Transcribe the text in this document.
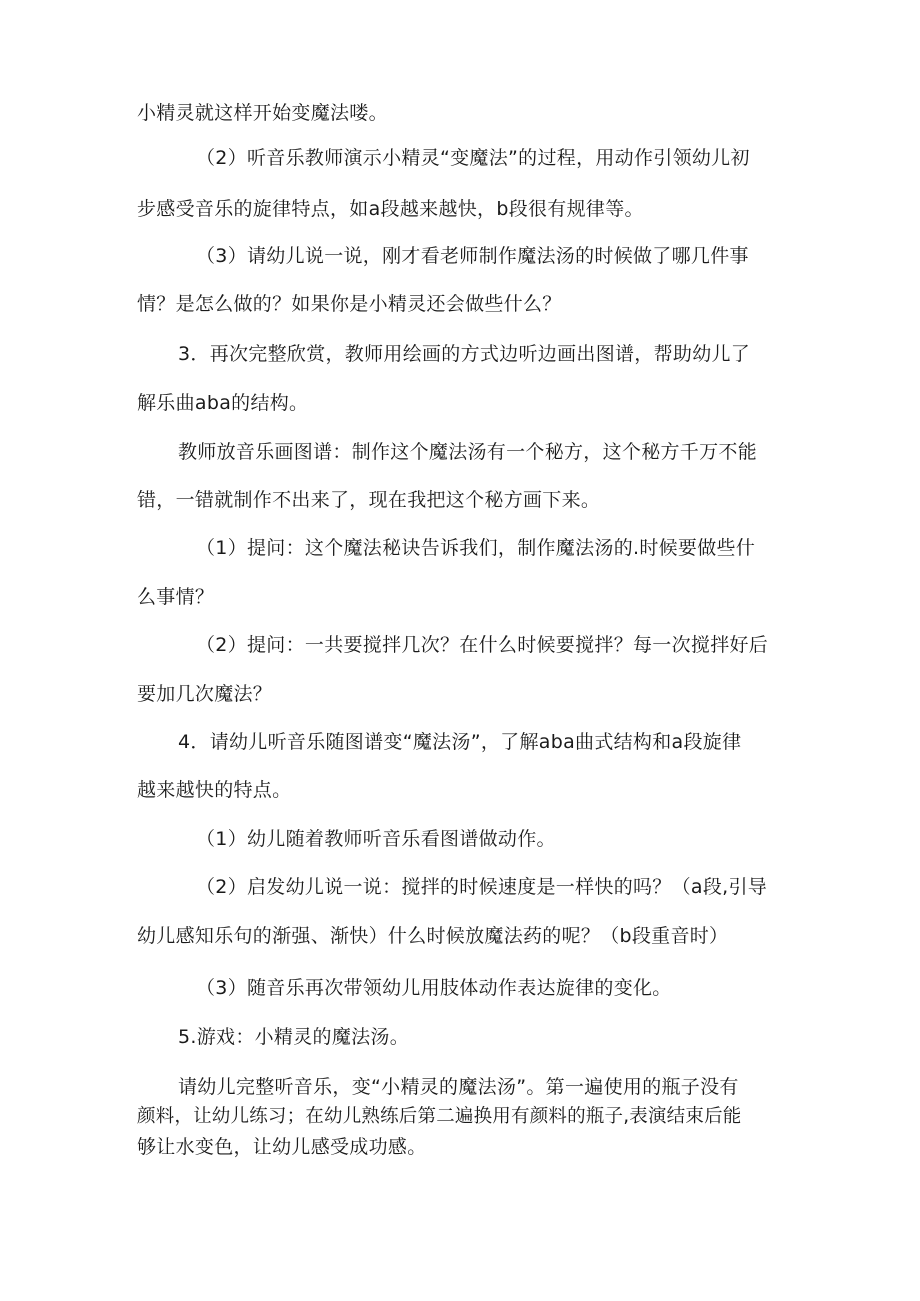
小精灵就这样开始变魔法喽。

（2）听音乐教师演示小精灵“变魔法”的过程，用动作引领幼儿初

步感受音乐的旋律特点，如a段越来越快，b段很有规律等。

（3）请幼儿说一说，刚才看老师制作魔法汤的时候做了哪几件事

情？是怎么做的？如果你是小精灵还会做些什么？

3．再次完整欣赏，教师用绘画的方式边听边画出图谱，帮助幼儿了

解乐曲aba的结构。

教师放音乐画图谱：制作这个魔法汤有一个秘方，这个秘方千万不能

错，一错就制作不出来了，现在我把这个秘方画下来。

（1）提问：这个魔法秘诀告诉我们，制作魔法汤的.时候要做些什

么事情？

（2）提问：一共要搅拌几次？在什么时候要搅拌？每一次搅拌好后

要加几次魔法？

4．请幼儿听音乐随图谱变“魔法汤”，了解aba曲式结构和a段旋律

越来越快的特点。

（1）幼儿随着教师听音乐看图谱做动作。

（2）启发幼儿说一说：搅拌的时候速度是一样快的吗？（a段,引导

幼儿感知乐句的渐强、渐快）什么时候放魔法药的呢？（b段重音时）

（3）随音乐再次带领幼儿用肢体动作表达旋律的变化。

5.游戏：小精灵的魔法汤。

请幼儿完整听音乐，变“小精灵的魔法汤”。第一遍使用的瓶子没有

颜料，让幼儿练习；在幼儿熟练后第二遍换用有颜料的瓶子,表演结束后能

够让水变色，让幼儿感受成功感。
